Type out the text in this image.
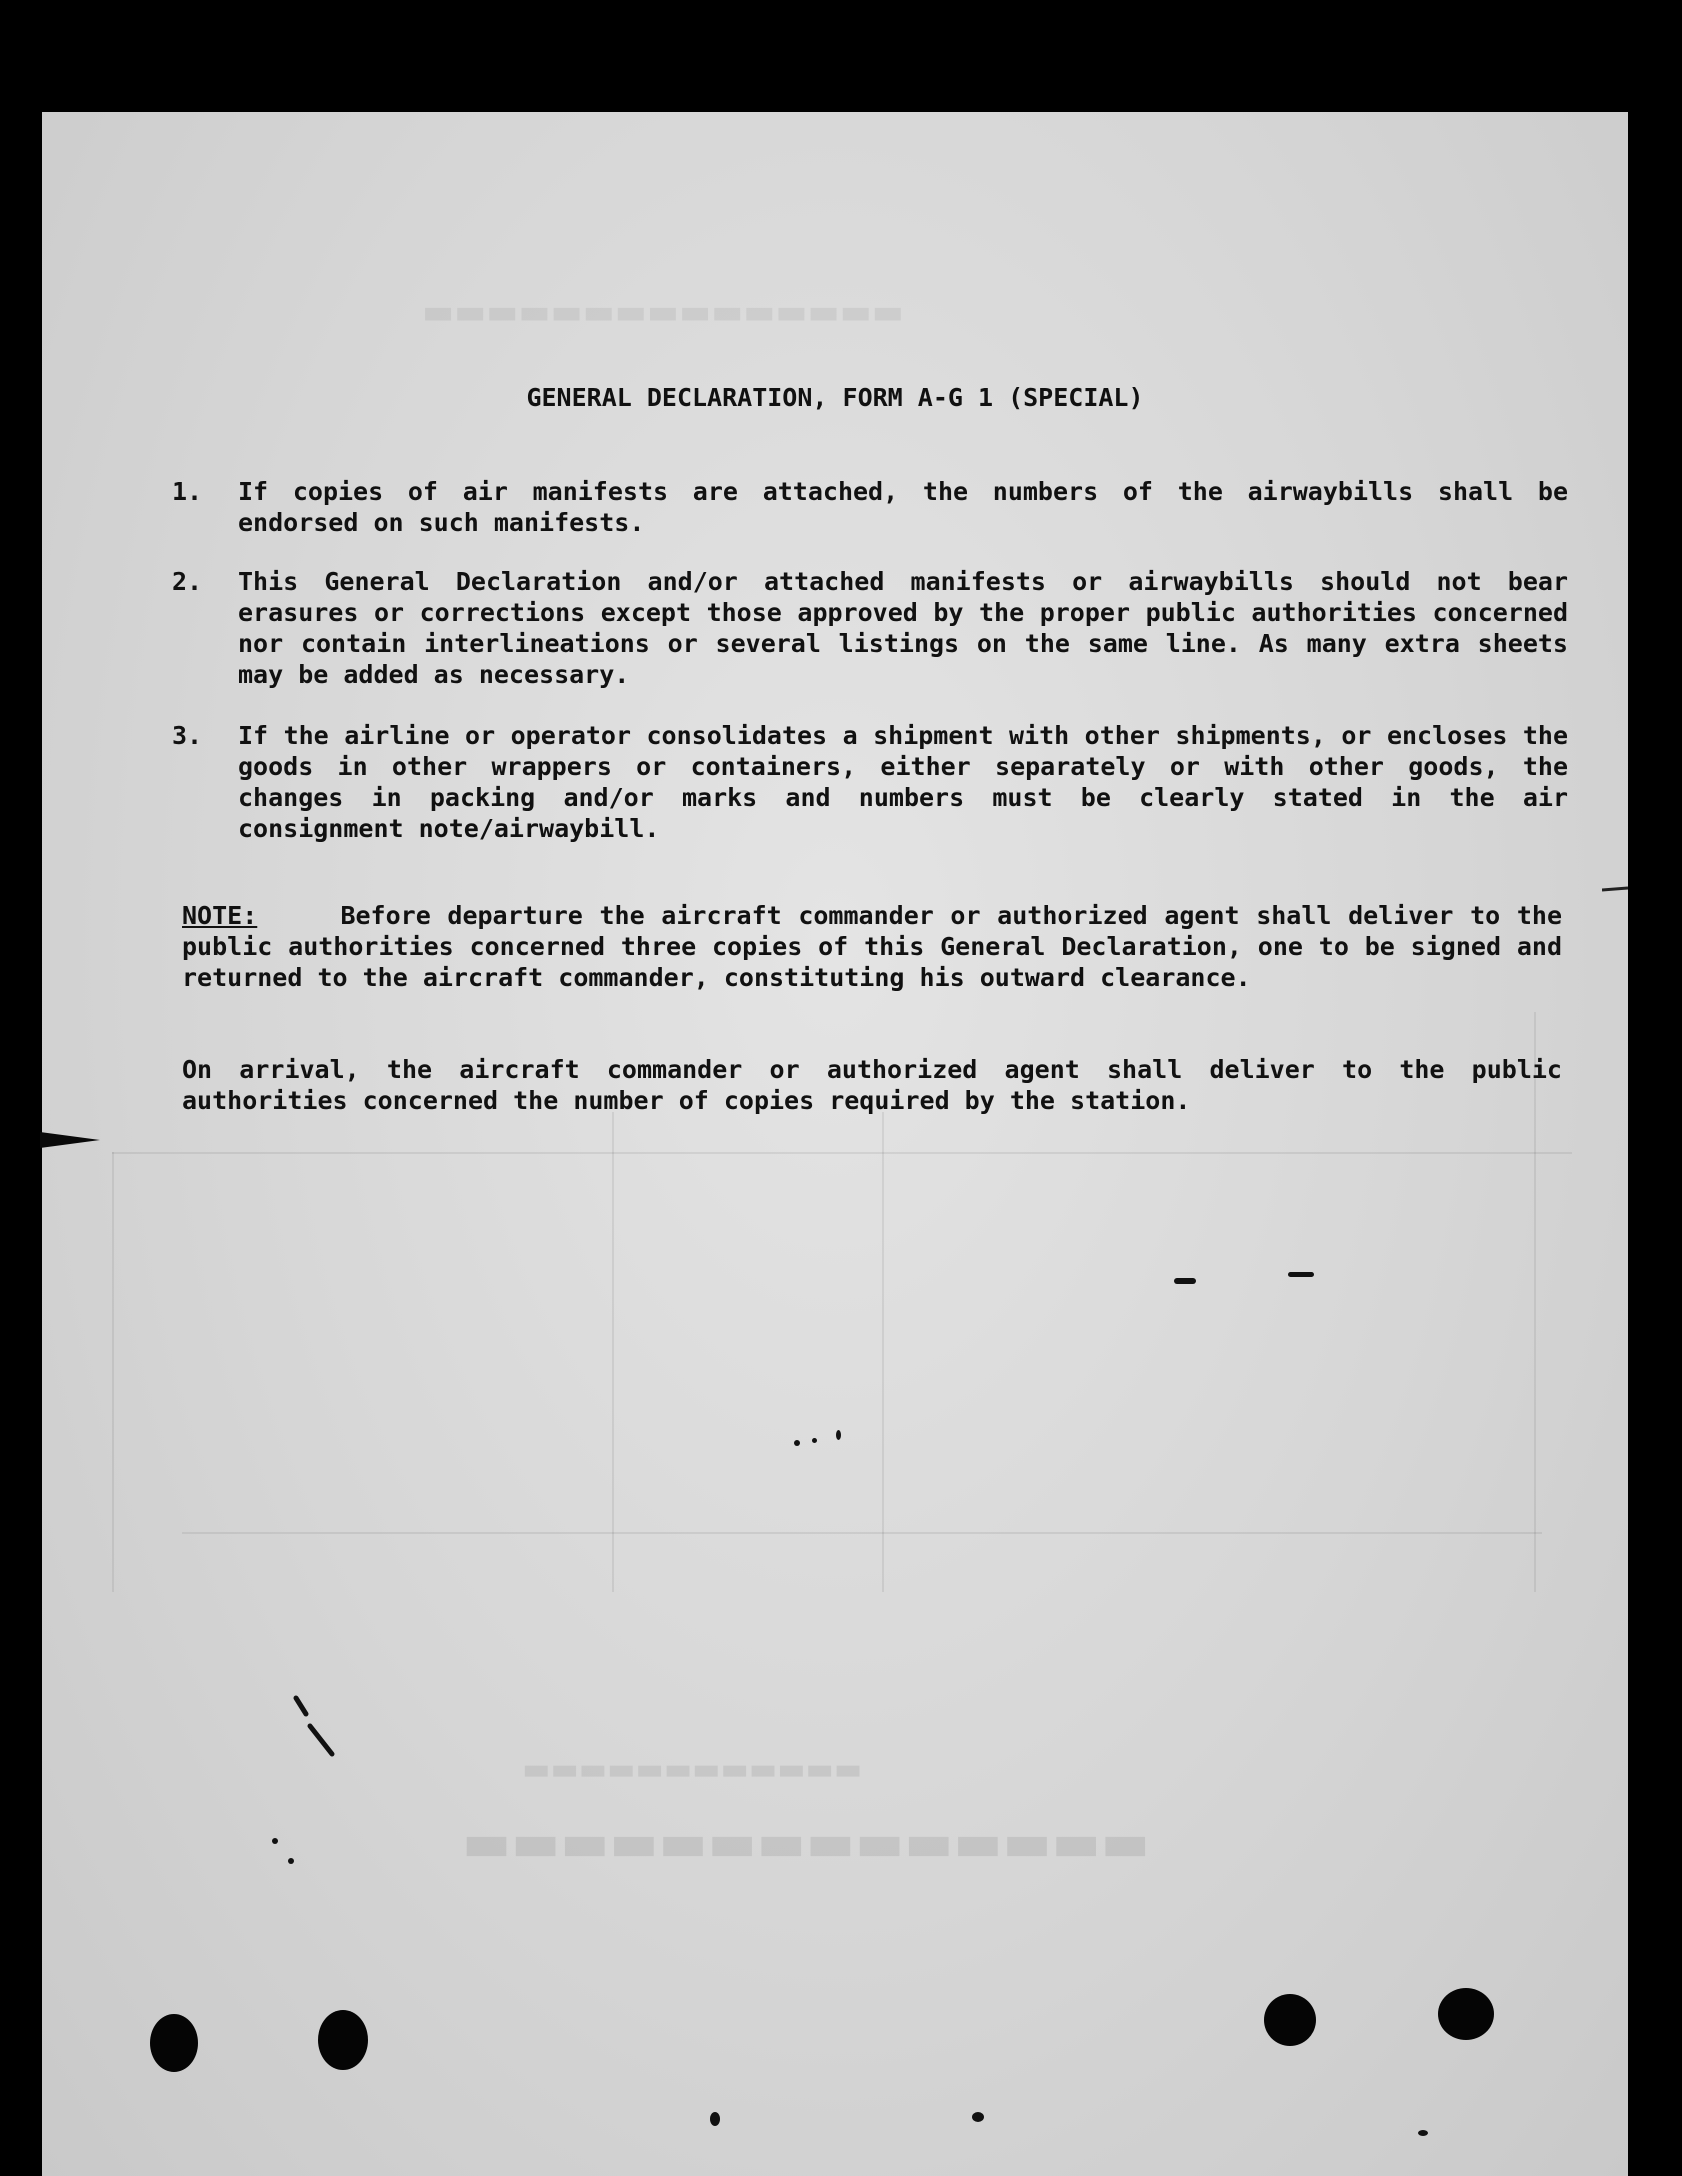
▬▬▬▬▬▬▬▬▬▬▬▬▬▬▬
▬▬▬▬▬▬▬▬▬▬▬▬▬▬
▬▬▬▬▬▬▬▬▬▬▬▬
GENERAL DECLARATION, FORM A-G 1 (SPECIAL)
1.	If copies of air manifests are attached, the numbers of the airwaybills shall be endorsed on such manifests.
2.	This General Declaration and/or attached manifests or airwaybills should not bear erasures or corrections except those approved by the proper public authorities concerned nor contain interlineations or several listings on the same line. As many extra sheets may be added as necessary.
3.	If the airline or operator consolidates a shipment with other shipments, or encloses the goods in other wrappers or containers, either separately or with other goods, the changes in packing and/or marks and numbers must be clearly stated in the air consignment note/airwaybill.
NOTE:	Before departure the aircraft commander or authorized agent shall deliver to the public authorities concerned three copies of this General Declaration, one to be signed and returned to the aircraft commander, constituting his outward clearance.
On arrival, the aircraft commander or authorized agent shall deliver to the public authorities concerned the number of copies required by the station.
